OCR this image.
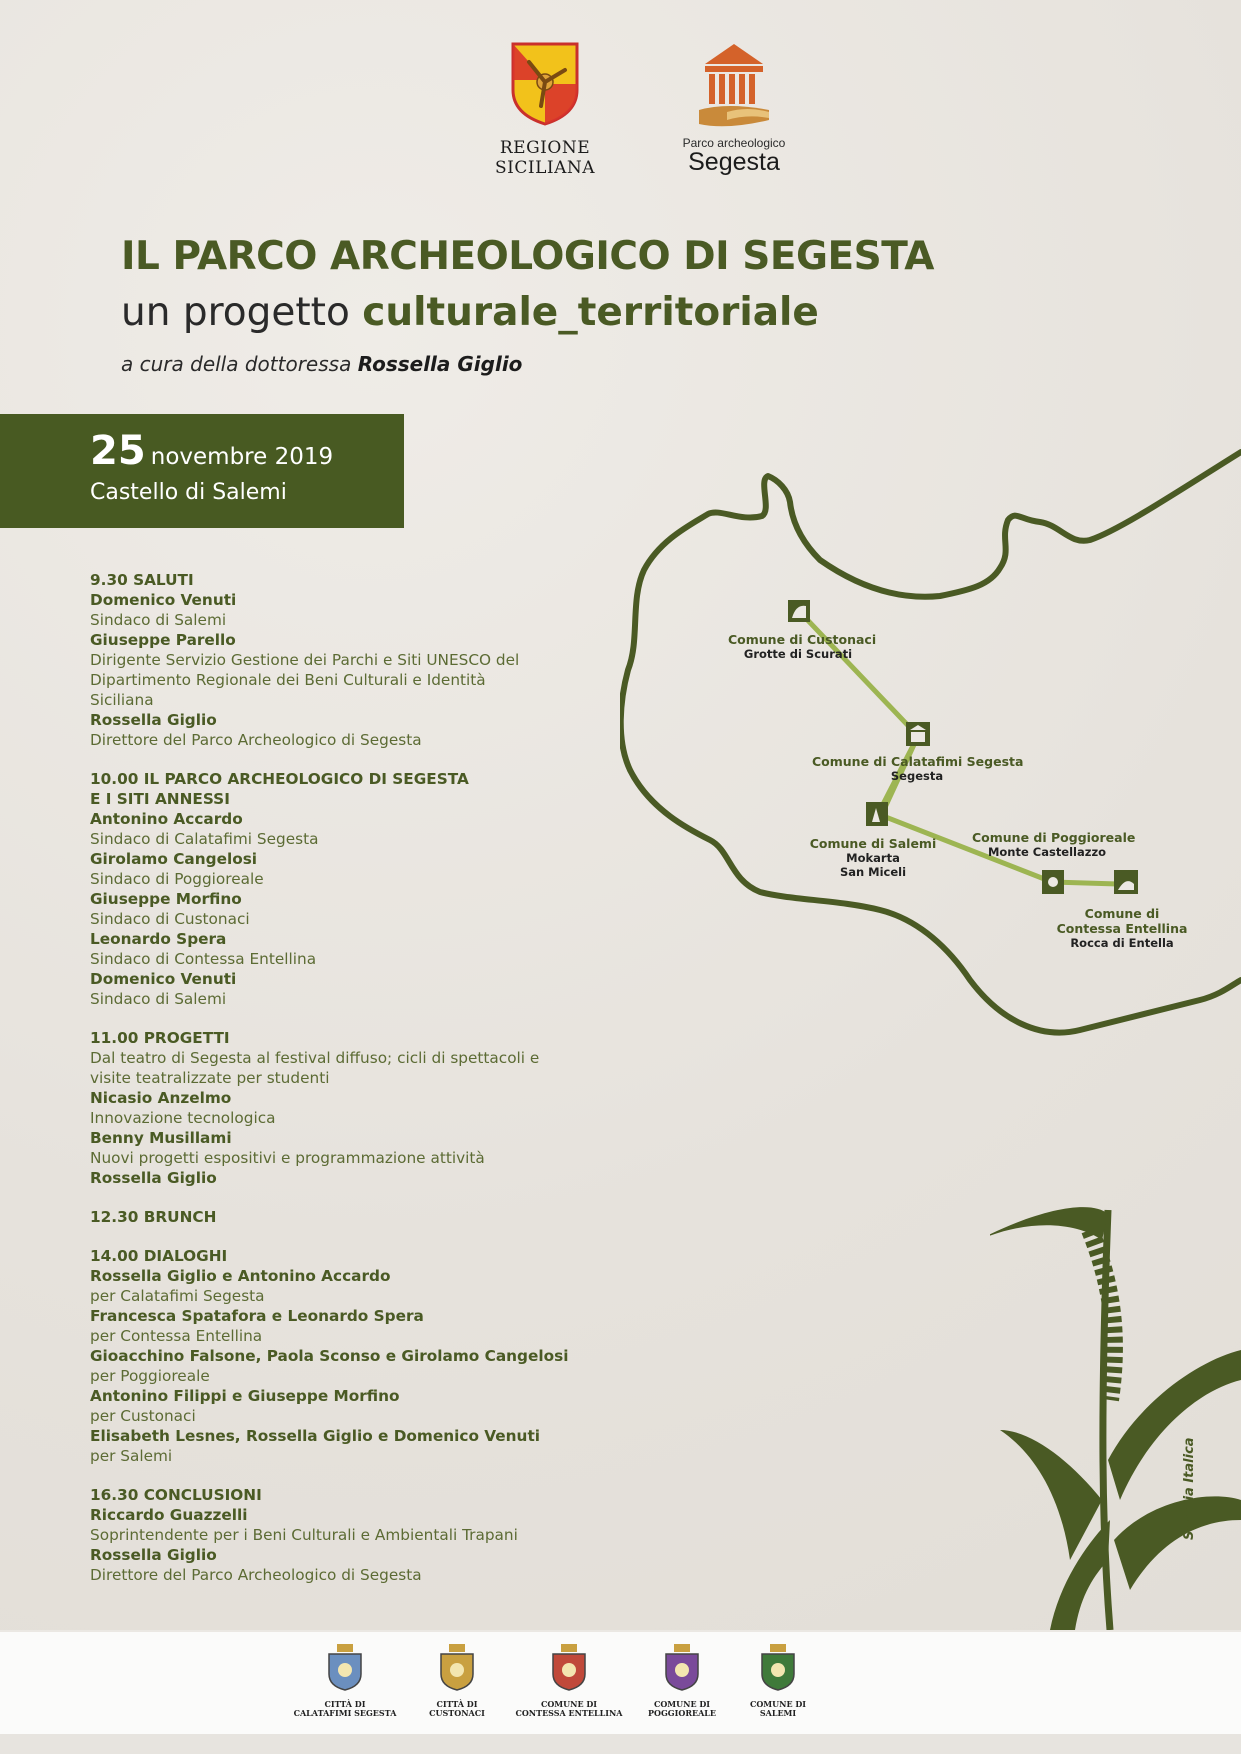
REGIONE SICILIANA
Parco archeologico
Segesta
IL PARCO ARCHEOLOGICO DI SEGESTA
un progetto culturale_territoriale
a cura della dottoressa Rossella Giglio
25 novembre 2019
Castello di Salemi
9.30 SALUTI
Domenico Venuti
Sindaco di Salemi
Giuseppe Parello
Dirigente Servizio Gestione dei Parchi e Siti UNESCO del
Dipartimento Regionale dei Beni Culturali e Identità
Siciliana
Rossella Giglio
Direttore del Parco Archeologico di Segesta
10.00 IL PARCO ARCHEOLOGICO DI SEGESTA
E I SITI ANNESSI
Antonino Accardo
Sindaco di Calatafimi Segesta
Girolamo Cangelosi
Sindaco di Poggioreale
Giuseppe Morfino
Sindaco di Custonaci
Leonardo Spera
Sindaco di Contessa Entellina
Domenico Venuti
Sindaco di Salemi
11.00 PROGETTI
Dal teatro di Segesta al festival diffuso; cicli di spettacoli e
visite teatralizzate per studenti
Nicasio Anzelmo
Innovazione tecnologica
Benny Musillami
Nuovi progetti espositivi e programmazione attività
Rossella Giglio
12.30 BRUNCH
14.00 DIALOGHI
Rossella Giglio e Antonino Accardo
per Calatafimi Segesta
Francesca Spatafora e Leonardo Spera
per Contessa Entellina
Gioacchino Falsone, Paola Sconso e Girolamo Cangelosi
per Poggioreale
Antonino Filippi e Giuseppe Morfino
per Custonaci
Elisabeth Lesnes, Rossella Giglio e Domenico Venuti
per Salemi
16.30 CONCLUSIONI
Riccardo Guazzelli
Soprintendente per i Beni Culturali e Ambientali Trapani
Rossella Giglio
Direttore del Parco Archeologico di Segesta
Comune di Custonaci
Grotte di Scurati
Comune di Calatafimi Segesta
Segesta
Comune di Salemi
Mokarta
San Miceli
Comune di Poggioreale
Monte Castellazzo
Comune di
Contessa Entellina
Rocca di Entella
Setaria Italica
CITTÀ DI
CALATAFIMI SEGESTA
CITTÀ DI
CUSTONACI
COMUNE DI
CONTESSA ENTELLINA
COMUNE DI
POGGIOREALE
COMUNE DI
SALEMI
